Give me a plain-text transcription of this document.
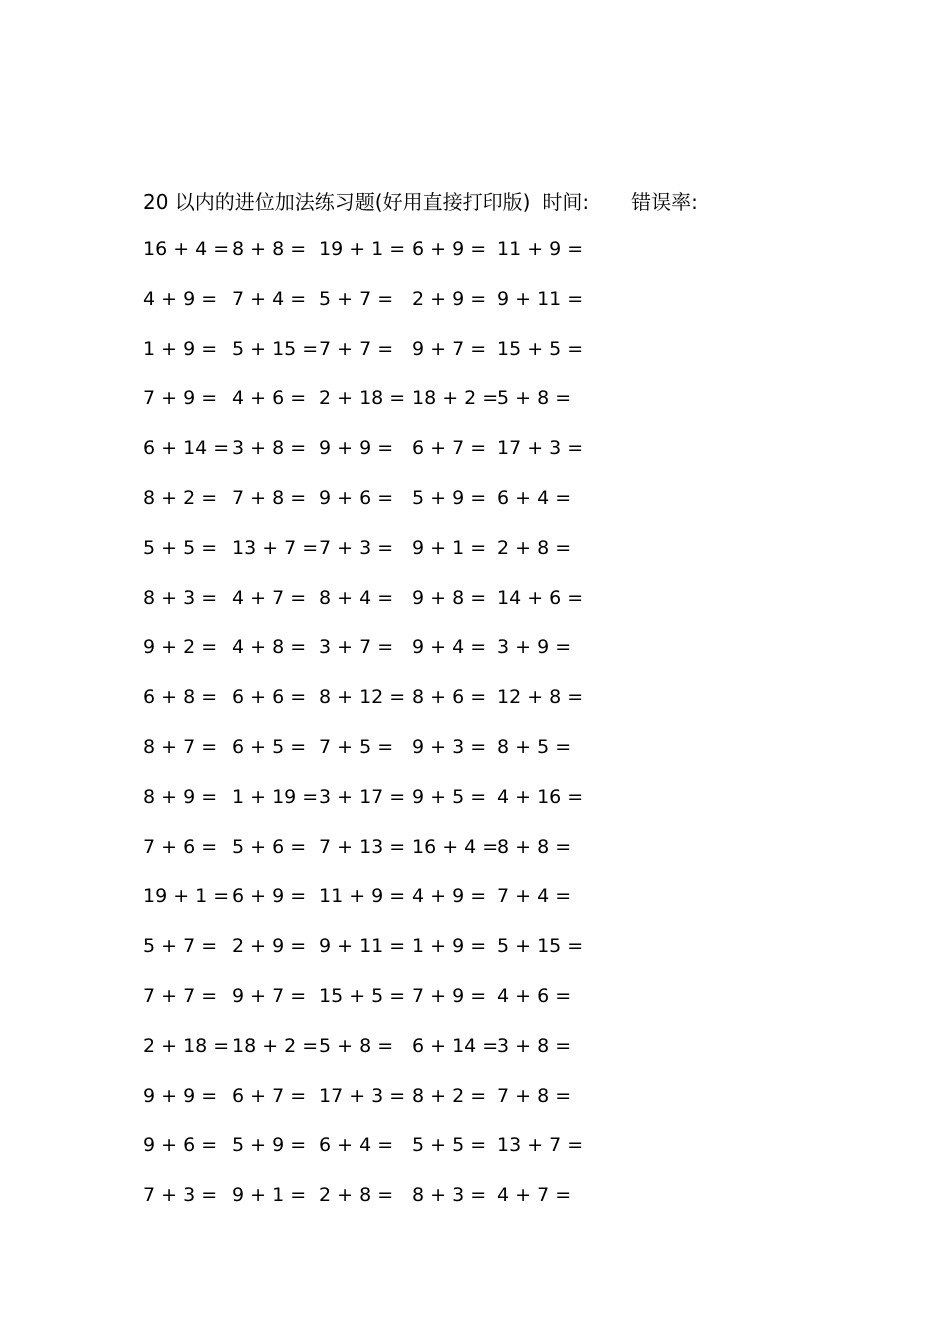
20 以内的进位加法练习题(好用直接打印版) 时间: 错误率:
16 + 4 = 8 + 8 = 19 + 1 = 6 + 9 = 11 + 9 =
4 + 9 = 7 + 4 = 5 + 7 = 2 + 9 = 9 + 11 =
1 + 9 = 5 + 15 = 7 + 7 = 9 + 7 = 15 + 5 =
7 + 9 = 4 + 6 = 2 + 18 = 18 + 2 =
5 + 8 =
6 + 14 = 3 + 8 = 9 + 9 = 6 + 7 = 17 + 3 =
8 + 2 = 7 + 8 = 9 + 6 = 5 + 9 = 6 + 4 =
5 + 5 = 13 + 7 = 7 + 3 = 9 + 1 = 2 + 8 =
8 + 3 = 4 + 7 = 8 + 4 = 9 + 8 = 14 + 6 =
9 + 2 = 4 + 8 = 3 + 7 = 9 + 4 = 3 + 9 =
6 + 8 = 6 + 6 = 8 + 12 = 8 + 6 = 12 + 8 =
8 + 7 = 6 + 5 = 7 + 5 = 9 + 3 = 8 + 5 =
8 + 9 = 1 + 19 = 3 + 17 = 9 + 5 = 4 + 16 =
7 + 6 = 5 + 6 = 7 + 13 = 16 + 4 =
8 + 8 =
19 + 1 = 6 + 9 = 11 + 9 = 4 + 9 = 7 + 4 =
5 + 7 = 2 + 9 = 9 + 11 = 1 + 9 = 5 + 15 =
7 + 7 = 9 + 7 = 15 + 5 = 7 + 9 = 4 + 6 =
2 + 18 = 18 + 2 = 5 + 8 = 6 + 14 =
3 + 8 =
9 + 9 = 6 + 7 = 17 + 3 = 8 + 2 = 7 + 8 =
9 + 6 = 5 + 9 = 6 + 4 = 5 + 5 = 13 + 7 =
7 + 3 = 9 + 1 = 2 + 8 = 8 + 3 = 4 + 7 =
